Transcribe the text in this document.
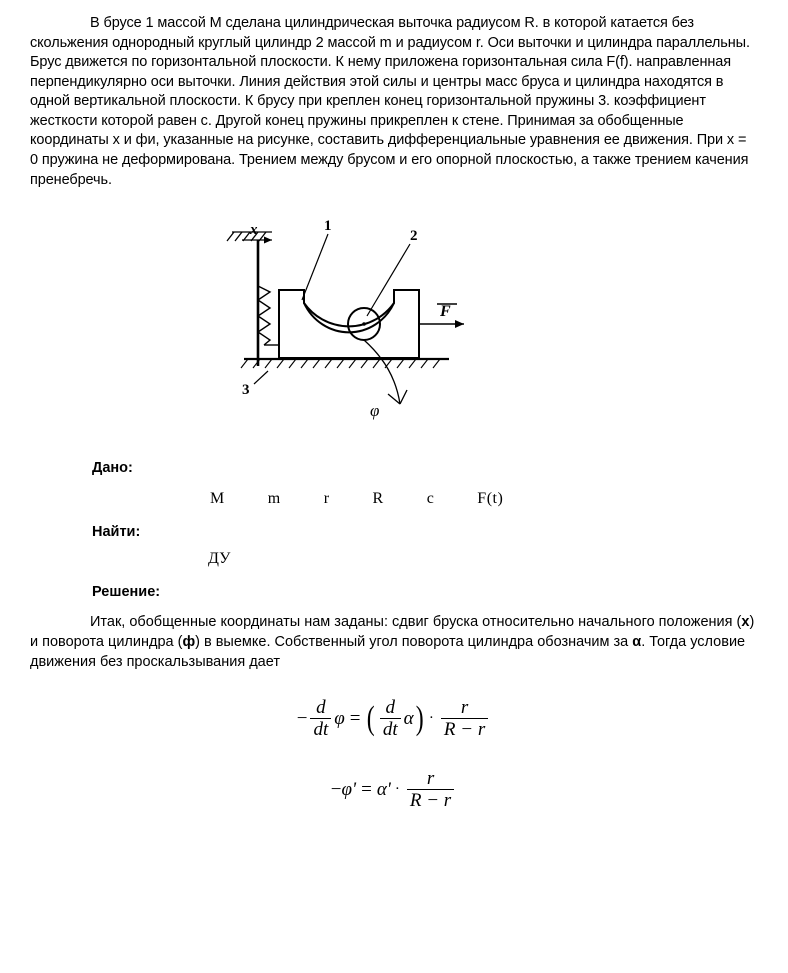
В брусе 1 массой M сделана цилиндрическая выточка радиусом R. в которой катается без скольжения однородный круглый цилиндр 2 массой m и радиусом r. Оси выточки и цилиндра параллельны. Брус движется по горизонтальной плоскости. К нему приложена горизонтальная сила F(f). направленная перпендикулярно оси выточки. Линия действия этой силы и центры масс бруса и цилиндра находятся в одной вертикальной плоскости. К брусу при креплен конец горизонтальной пружины 3. коэффициент жесткости которой равен c. Другой конец пружины прикреплен к стене. Принимая за обобщенные координаты x и фи, указанные на рисунке, составить дифференциальные уравнения ее движения. При x = 0 пружина не деформирована. Трением между брусом и его опорной плоскостью, а также трением качения пренебречь.

x
3
F
1
2
φ

Дано:

M	m	r	R	c	F(t)

Найти:

ДУ

Решение:

Итак, обобщенные координаты нам заданы: сдвиг бруска относительно начального положения (x) и поворота цилиндра (ф) в выемке. Собственный угол поворота цилиндра обозначим за α. Тогда условие движения без проскальзывания дает

− $\frac{d}{dt}$ φ = ( $\frac{d}{dt}$ α ) · $\frac{r}{R - r}$
− $\varphi' = \alpha' \cdot \frac{r}{R - r}$
